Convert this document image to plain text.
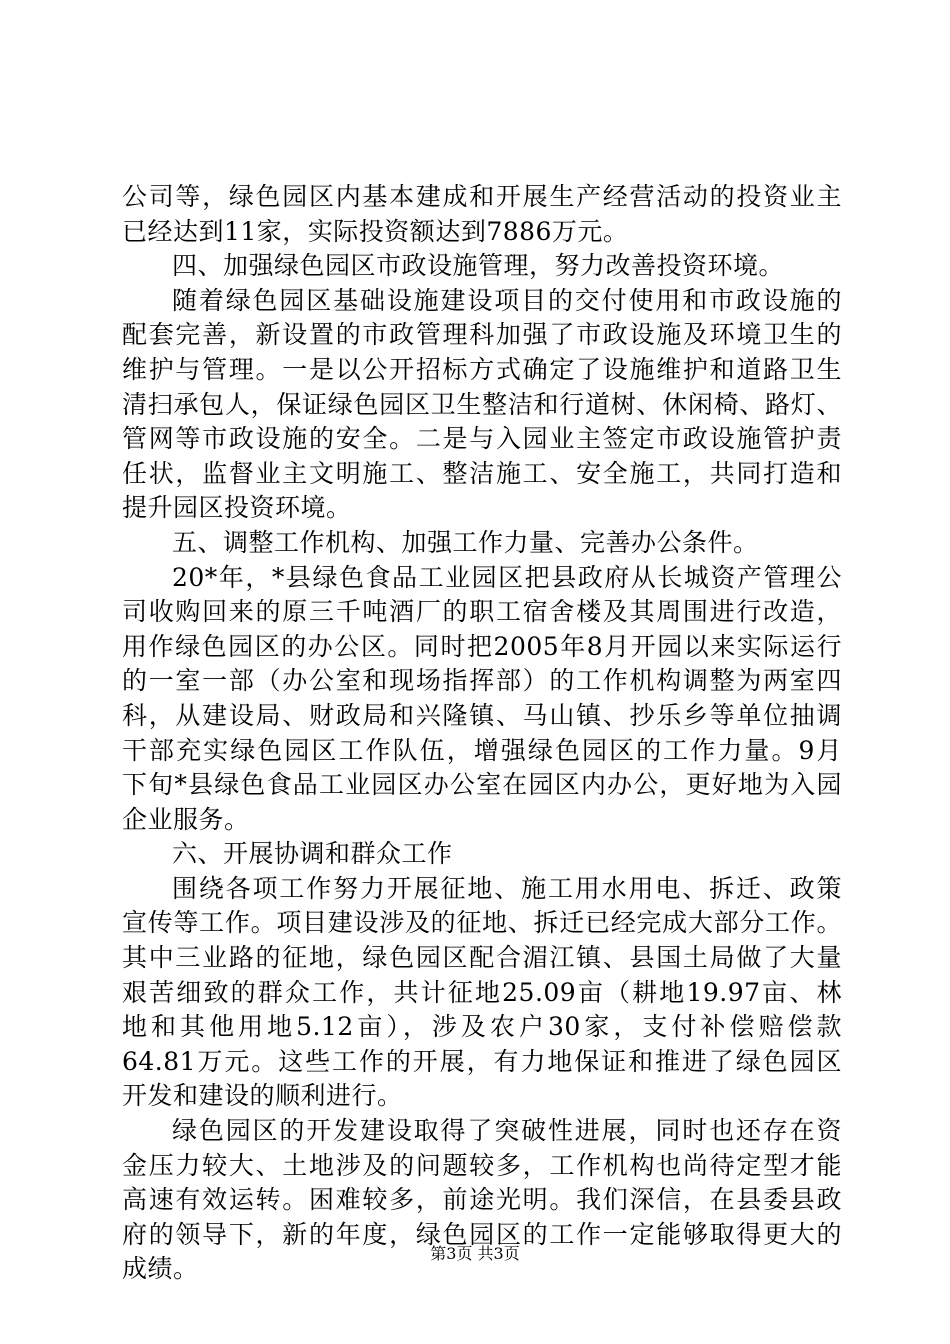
公司等，绿色园区内基本建成和开展生产经营活动的投资业主
已经达到11家，实际投资额达到7886万元。
四、加强绿色园区市政设施管理，努力改善投资环境。
随着绿色园区基础设施建设项目的交付使用和市政设施的
配套完善，新设置的市政管理科加强了市政设施及环境卫生的
维护与管理。一是以公开招标方式确定了设施维护和道路卫生
清扫承包人，保证绿色园区卫生整洁和行道树、休闲椅、路灯、
管网等市政设施的安全。二是与入园业主签定市政设施管护责
任状，监督业主文明施工、整洁施工、安全施工，共同打造和
提升园区投资环境。
五、调整工作机构、加强工作力量、完善办公条件。
20*年，*县绿色食品工业园区把县政府从长城资产管理公
司收购回来的原三千吨酒厂的职工宿舍楼及其周围进行改造，
用作绿色园区的办公区。同时把2005年8月开园以来实际运行
的一室一部（办公室和现场指挥部）的工作机构调整为两室四
科，从建设局、财政局和兴隆镇、马山镇、抄乐乡等单位抽调
干部充实绿色园区工作队伍，增强绿色园区的工作力量。9月
下旬*县绿色食品工业园区办公室在园区内办公，更好地为入园
企业服务。
六、开展协调和群众工作
围绕各项工作努力开展征地、施工用水用电、拆迁、政策
宣传等工作。项目建设涉及的征地、拆迁已经完成大部分工作。
其中三业路的征地，绿色园区配合湄江镇、县国土局做了大量
艰苦细致的群众工作，共计征地25.09亩（耕地19.97亩、林
地和其他用地5.12亩），涉及农户30家，支付补偿赔偿款
64.81万元。这些工作的开展，有力地保证和推进了绿色园区
开发和建设的顺利进行。
绿色园区的开发建设取得了突破性进展，同时也还存在资
金压力较大、土地涉及的问题较多，工作机构也尚待定型才能
高速有效运转。困难较多，前途光明。我们深信，在县委县政
府的领导下，新的年度，绿色园区的工作一定能够取得更大的
成绩。
第3页 共3页
